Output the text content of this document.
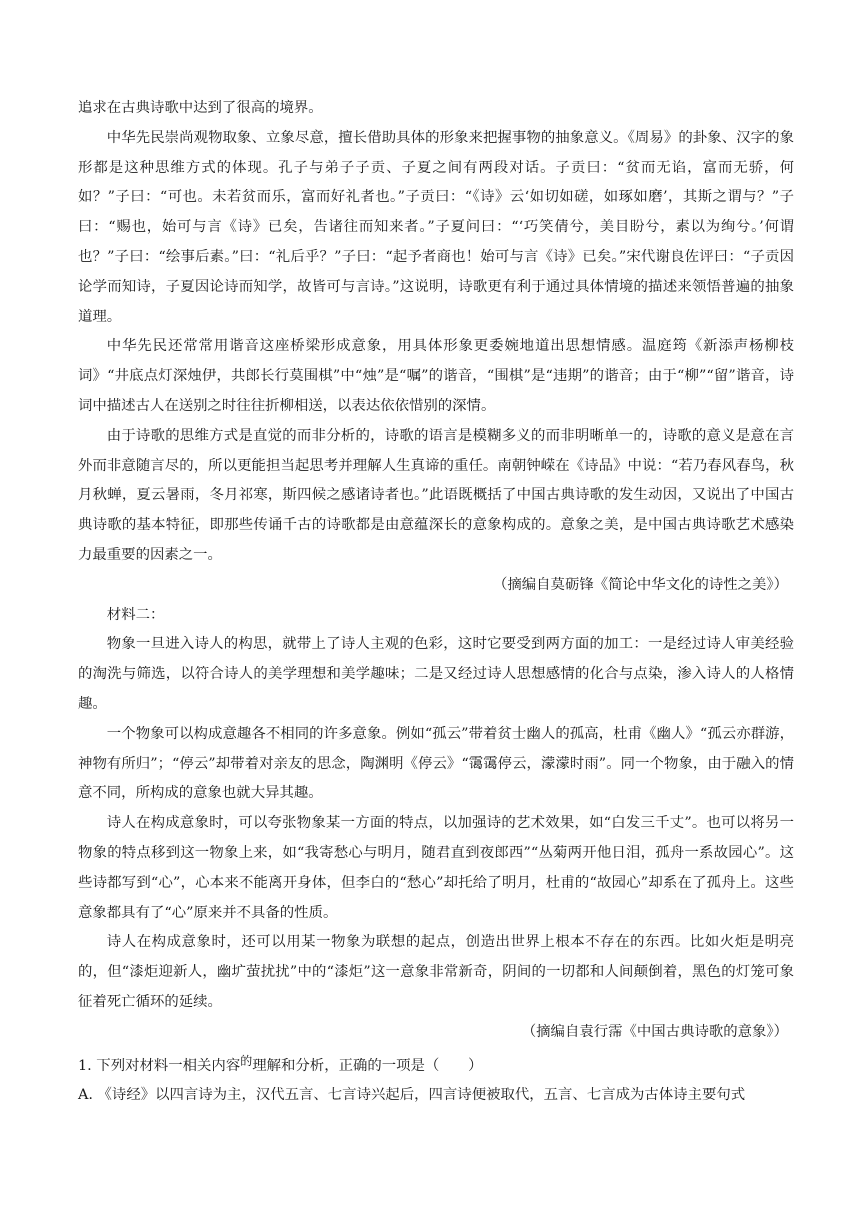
追求在古典诗歌中达到了很高的境界。

中华先民崇尚观物取象、立象尽意，擅长借助具体的形象来把握事物的抽象意义。《周易》的卦象、汉字的象形都是这种思维方式的体现。孔子与弟子子贡、子夏之间有两段对话。子贡曰：“贫而无谄，富而无骄，何如？”子曰：“可也。未若贫而乐，富而好礼者也。”子贡曰：“《诗》云‘如切如磋，如琢如磨’，其斯之谓与？”子曰：“赐也，始可与言《诗》已矣，告诸往而知来者。”子夏问曰：“‘巧笑倩兮，美目盼兮，素以为绚兮。’何谓也？”子曰：“绘事后素。”曰：“礼后乎？”子曰：“起予者商也！始可与言《诗》已矣。”宋代谢良佐评曰：“子贡因论学而知诗，子夏因论诗而知学，故皆可与言诗。”这说明，诗歌更有利于通过具体情境的描述来领悟普遍的抽象道理。

中华先民还常常用谐音这座桥梁形成意象，用具体形象更委婉地道出思想情感。温庭筠《新添声杨柳枝词》“井底点灯深烛伊，共郎长行莫围棋”中“烛”是“嘱”的谐音，“围棋”是“违期”的谐音；由于“柳”“留”谐音，诗词中描述古人在送别之时往往折柳相送，以表达依依惜别的深情。

由于诗歌的思维方式是直觉的而非分析的，诗歌的语言是模糊多义的而非明晰单一的，诗歌的意义是意在言外而非意随言尽的，所以更能担当起思考并理解人生真谛的重任。南朝钟嵘在《诗品》中说：“若乃春风春鸟，秋月秋蝉，夏云暑雨，冬月祁寒，斯四候之感诸诗者也。”此语既概括了中国古典诗歌的发生动因，又说出了中国古典诗歌的基本特征，即那些传诵千古的诗歌都是由意蕴深长的意象构成的。意象之美，是中国古典诗歌艺术感染力最重要的因素之一。

（摘编自莫砺锋《简论中华文化的诗性之美》）

材料二：

物象一旦进入诗人的构思，就带上了诗人主观的色彩，这时它要受到两方面的加工：一是经过诗人审美经验的淘洗与筛选，以符合诗人的美学理想和美学趣味；二是又经过诗人思想感情的化合与点染，渗入诗人的人格情趣。

一个物象可以构成意趣各不相同的许多意象。例如“孤云”带着贫士幽人的孤高，杜甫《幽人》“孤云亦群游，神物有所归”；“停云”却带着对亲友的思念，陶渊明《停云》“霭霭停云，濛濛时雨”。同一个物象，由于融入的情意不同，所构成的意象也就大异其趣。

诗人在构成意象时，可以夸张物象某一方面的特点，以加强诗的艺术效果，如“白发三千丈”。也可以将另一物象的特点移到这一物象上来，如“我寄愁心与明月，随君直到夜郎西”“丛菊两开他日泪，孤舟一系故园心”。这些诗都写到“心”，心本来不能离开身体，但李白的“愁心”却托给了明月，杜甫的“故园心”却系在了孤舟上。这些意象都具有了“心”原来并不具备的性质。

诗人在构成意象时，还可以用某一物象为联想的起点，创造出世界上根本不存在的东西。比如火炬是明亮的，但“漆炬迎新人，幽圹萤扰扰”中的“漆炬”这一意象非常新奇，阴间的一切都和人间颠倒着，黑色的灯笼可象征着死亡循环的延续。

（摘编自袁行霈《中国古典诗歌的意象》）

1. 下列对材料一相关内容$^的$理解和分析，正确的一项是（　　）

A. 《诗经》以四言诗为主，汉代五言、七言诗兴起后，四言诗便被取代，五言、七言成为古体诗主要句式
